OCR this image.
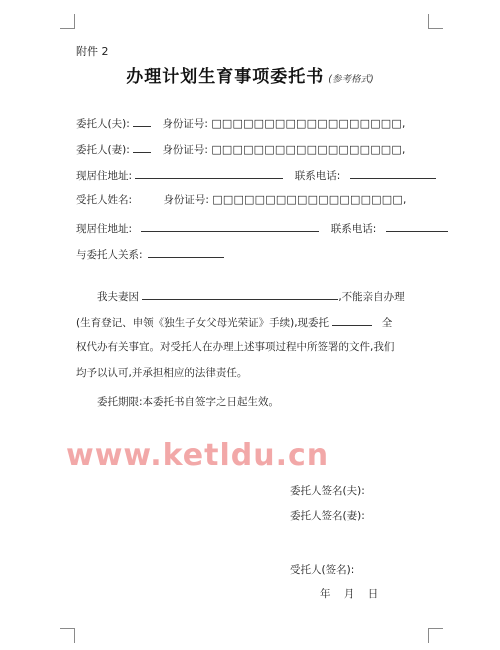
附件 2
办理计划生育事项委托书 (参考格式)
委托人(夫):	身份证号: □□□□□□□□□□□□□□□□□□,
委托人(妻):	身份证号: □□□□□□□□□□□□□□□□□□,
现居住地址:	联系电话:
受托人姓名:	身份证号: □□□□□□□□□□□□□□□□□□,
现居住地址:	联系电话:
与委托人关系:
我夫妻因	,不能亲自办理
(生育登记、申领《独生子女父母光荣证》手续),现委托	全
权代办有关事宜。对受托人在办理上述事项过程中所签署的文件,我们
均予以认可,并承担相应的法律责任。
委托期限:本委托书自签字之日起生效。
www.ketldu.cn
委托人签名(夫):
委托人签名(妻):
受托人(签名):
年    月    日
